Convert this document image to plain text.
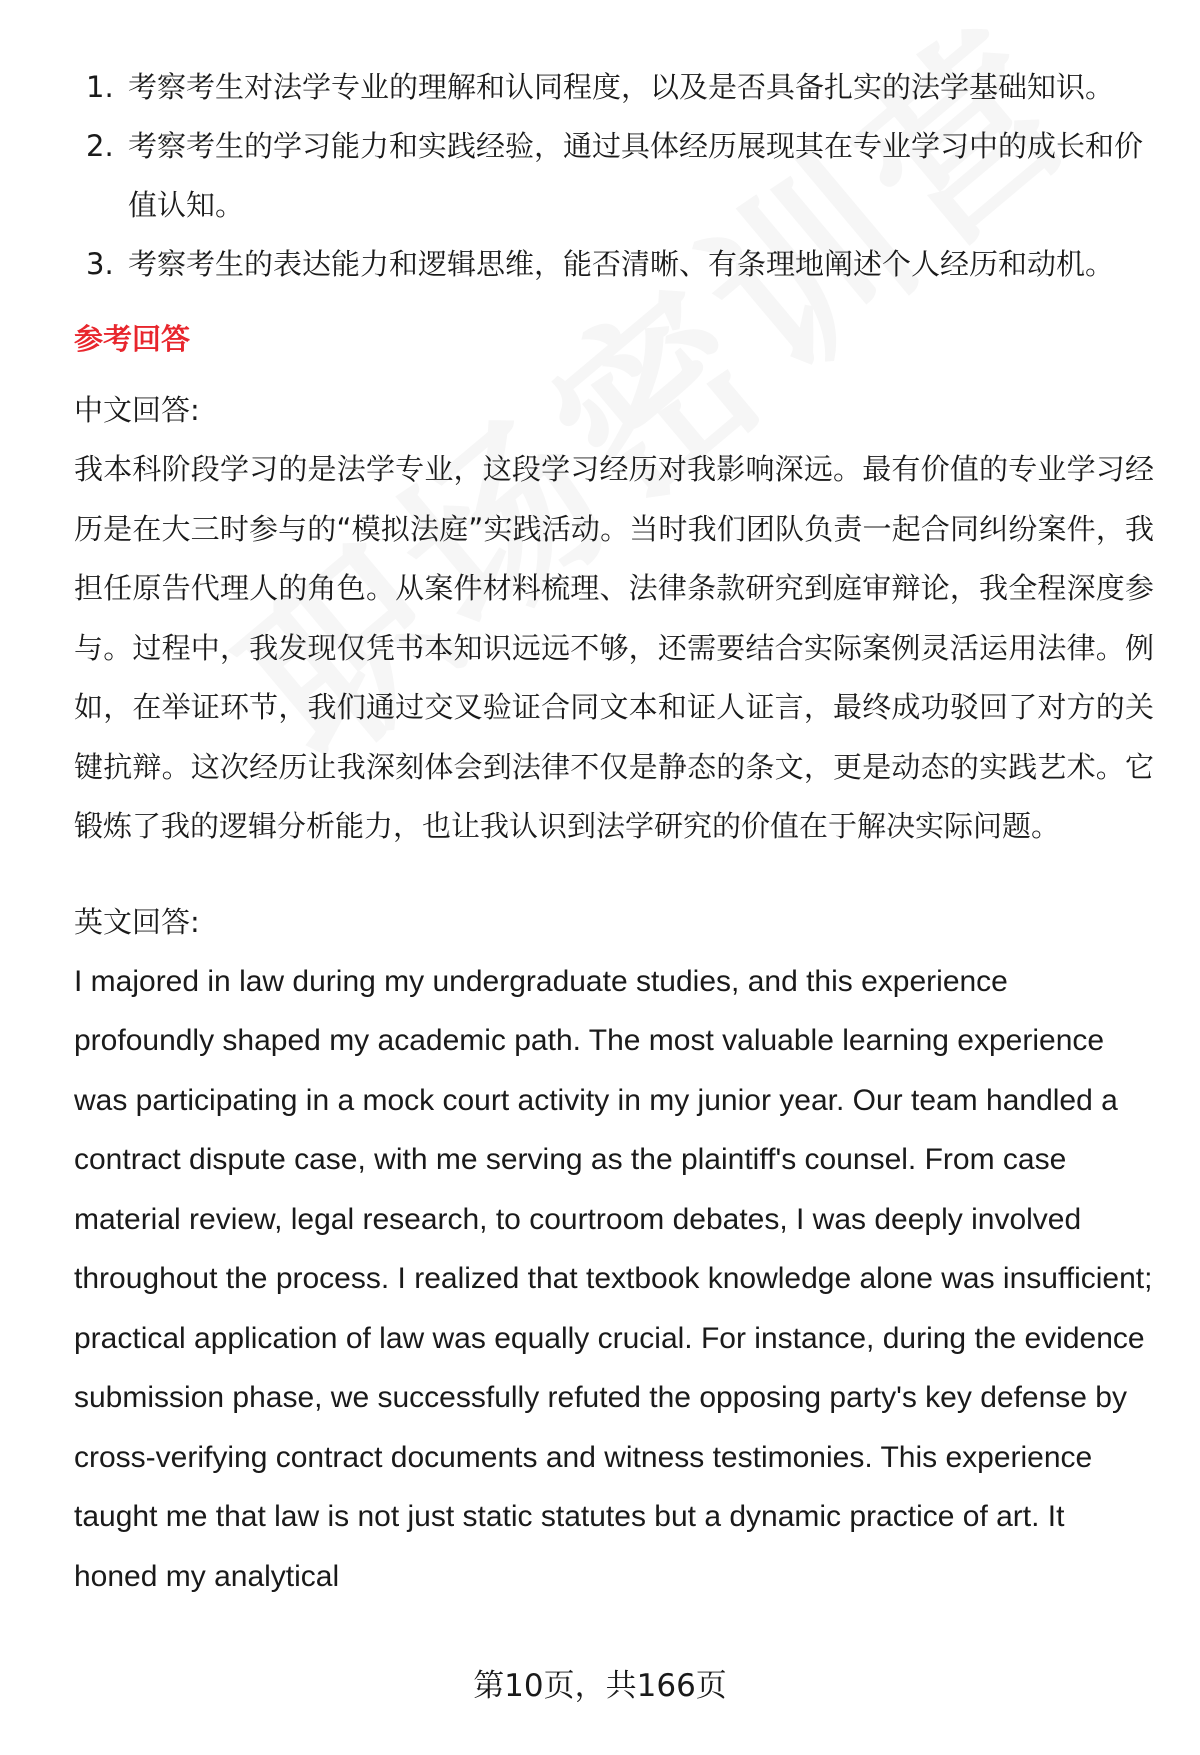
1. 考察考生对法学专业的理解和认同程度，以及是否具备扎实的法学基础知识。
2. 考察考生的学习能力和实践经验，通过具体经历展现其在专业学习中的成长和价值认知。
3. 考察考生的表达能力和逻辑思维，能否清晰、有条理地阐述个人经历和动机。
参考回答
中文回答:
我本科阶段学习的是法学专业，这段学习经历对我影响深远。最有价值的专业学习经历是在大三时参与的“模拟法庭”实践活动。当时我们团队负责一起合同纠纷案件，我担任原告代理人的角色。从案件材料梳理、法律条款研究到庭审辩论，我全程深度参与。过程中，我发现仅凭书本知识远远不够，还需要结合实际案例灵活运用法律。例如，在举证环节，我们通过交叉验证合同文本和证人证言，最终成功驳回了对方的关键抗辩。这次经历让我深刻体会到法律不仅是静态的条文，更是动态的实践艺术。它锻炼了我的逻辑分析能力，也让我认识到法学研究的价值在于解决实际问题。
英文回答:
I majored in law during my undergraduate studies, and this experience profoundly shaped my academic path. The most valuable learning experience was participating in a mock court activity in my junior year. Our team handled a contract dispute case, with me serving as the plaintiff's counsel. From case material review, legal research, to courtroom debates, I was deeply involved throughout the process. I realized that textbook knowledge alone was insufficient; practical application of law was equally crucial. For instance, during the evidence submission phase, we successfully refuted the opposing party's key defense by cross-verifying contract documents and witness testimonies. This experience taught me that law is not just static statutes but a dynamic practice of art. It honed my analytical
第10页，共166页
